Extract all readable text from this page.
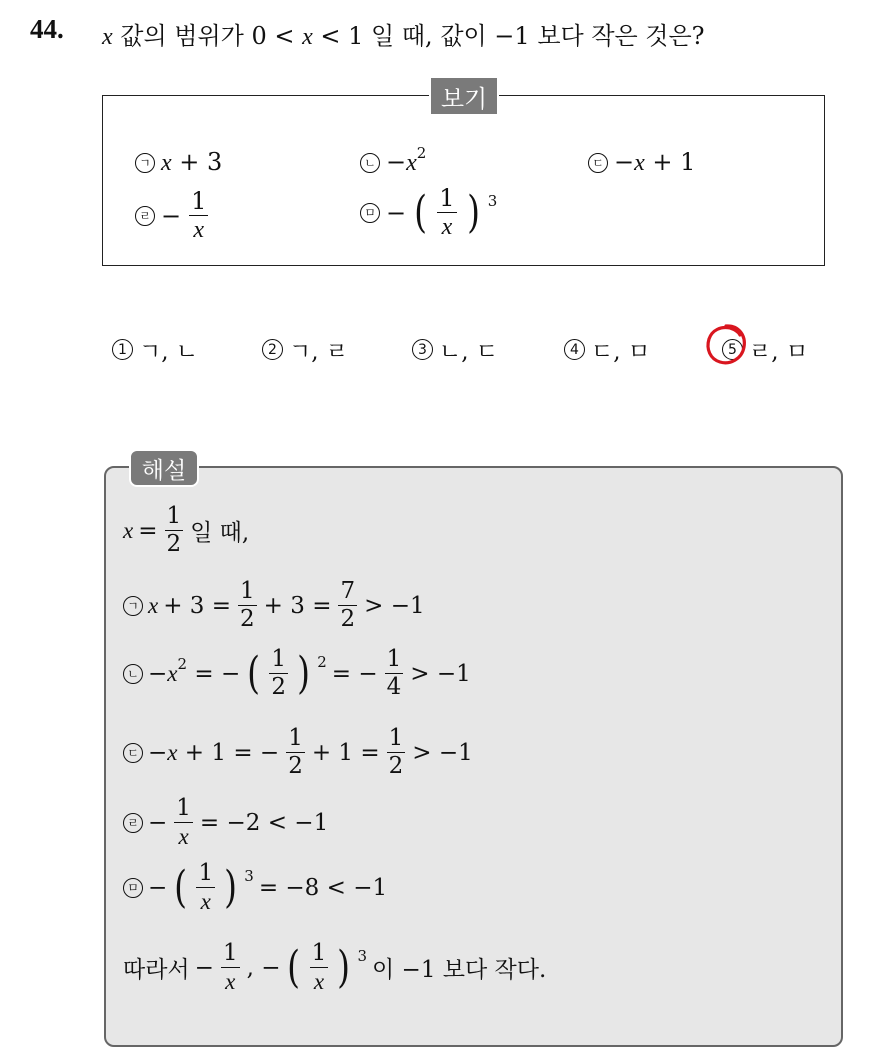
44. x 값의 범위가 0 < x < 1 일 때, 값이 −1 보다 작은 것은?
보기
ㄱ x + 3	ㄴ $-x^2$
ㄷ −x + 1
ㄹ − $\frac{1}{x}$	ㅁ − ( $\frac{1}{x}$ ) 3
1 ㄱ, ㄴ	2 ㄱ, ㄹ	3 ㄴ, ㄷ	4 ㄷ, ㅁ	5 ㄹ, ㅁ
해설
$x = \frac{1}{2}$ 일 때,
ㄱ $x + 3 = \frac{1}{2} + 3 = \frac{7}{2} > -1$
ㄴ $-x^2$ = − ( $\frac{1}{2}$ ) 2 = − $\frac{1}{4} > -1$
ㄷ −x + 1 = − $\frac{1}{2} + 1 = \frac{1}{2} > -1$
ㄹ − $\frac{1}{x} = -2 < -1$
ㅁ − ( $\frac{1}{x}$ ) 3 = −8 < −1
따라서 − $\frac{1}{x}$ , − ( $\frac{1}{x}$ ) 3
이 −1 보다 작다.
